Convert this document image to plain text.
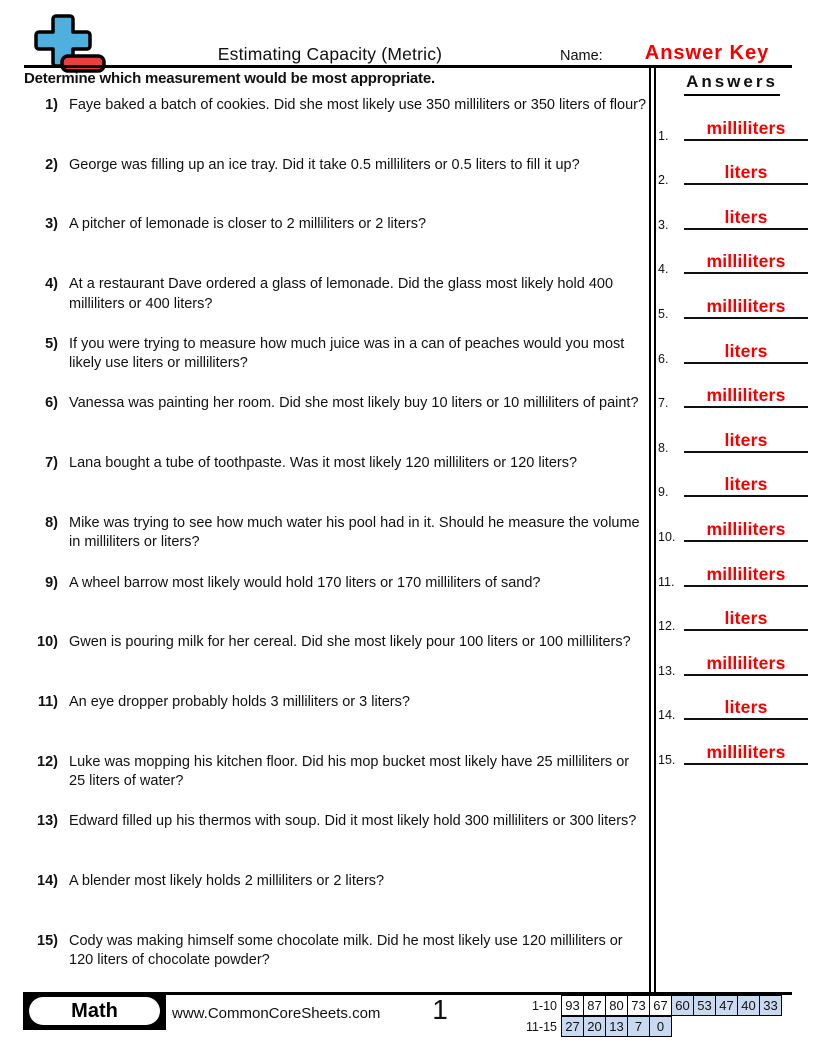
Estimating Capacity (Metric)	Name:	Answer Key
Determine which measurement would be most appropriate.
1) Faye baked a batch of cookies. Did she most likely use 350 milliliters or 350 liters of flour?
2) George was filling up an ice tray. Did it take 0.5 milliliters or 0.5 liters to fill it up?
3) A pitcher of lemonade is closer to 2 milliliters or 2 liters?
4) At a restaurant Dave ordered a glass of lemonade. Did the glass most likely hold 400 milliliters or 400 liters?
5) If you were trying to measure how much juice was in a can of peaches would you most likely use liters or milliliters?
6) Vanessa was painting her room. Did she most likely buy 10 liters or 10 milliliters of paint?
7) Lana bought a tube of toothpaste. Was it most likely 120 milliliters or 120 liters?
8) Mike was trying to see how much water his pool had in it. Should he measure the volume in milliliters or liters?
9) A wheel barrow most likely would hold 170 liters or 170 milliliters of sand?
10) Gwen is pouring milk for her cereal. Did she most likely pour 100 liters or 100 milliliters?
11) An eye dropper probably holds 3 milliliters or 3 liters?
12) Luke was mopping his kitchen floor. Did his mop bucket most likely have 25 milliliters or 25 liters of water?
13) Edward filled up his thermos with soup. Did it most likely hold 300 milliliters or 300 liters?
14) A blender most likely holds 2 milliliters or 2 liters?
15) Cody was making himself some chocolate milk. Did he most likely use 120 milliliters or 120 liters of chocolate powder?
Answers
1.	milliliters
2.	liters
3.	liters
4.	milliliters
5.	milliliters
6.	liters
7.	milliliters
8.	liters
9.	liters
10.	milliliters
11.	milliliters
12.	liters
13.	milliliters
14.	liters
15.	milliliters
Math	www.CommonCoreSheets.com	1	1-10 93 87 80 73 67 60 53 47 40 33
11-15 27 20 13 7	0
